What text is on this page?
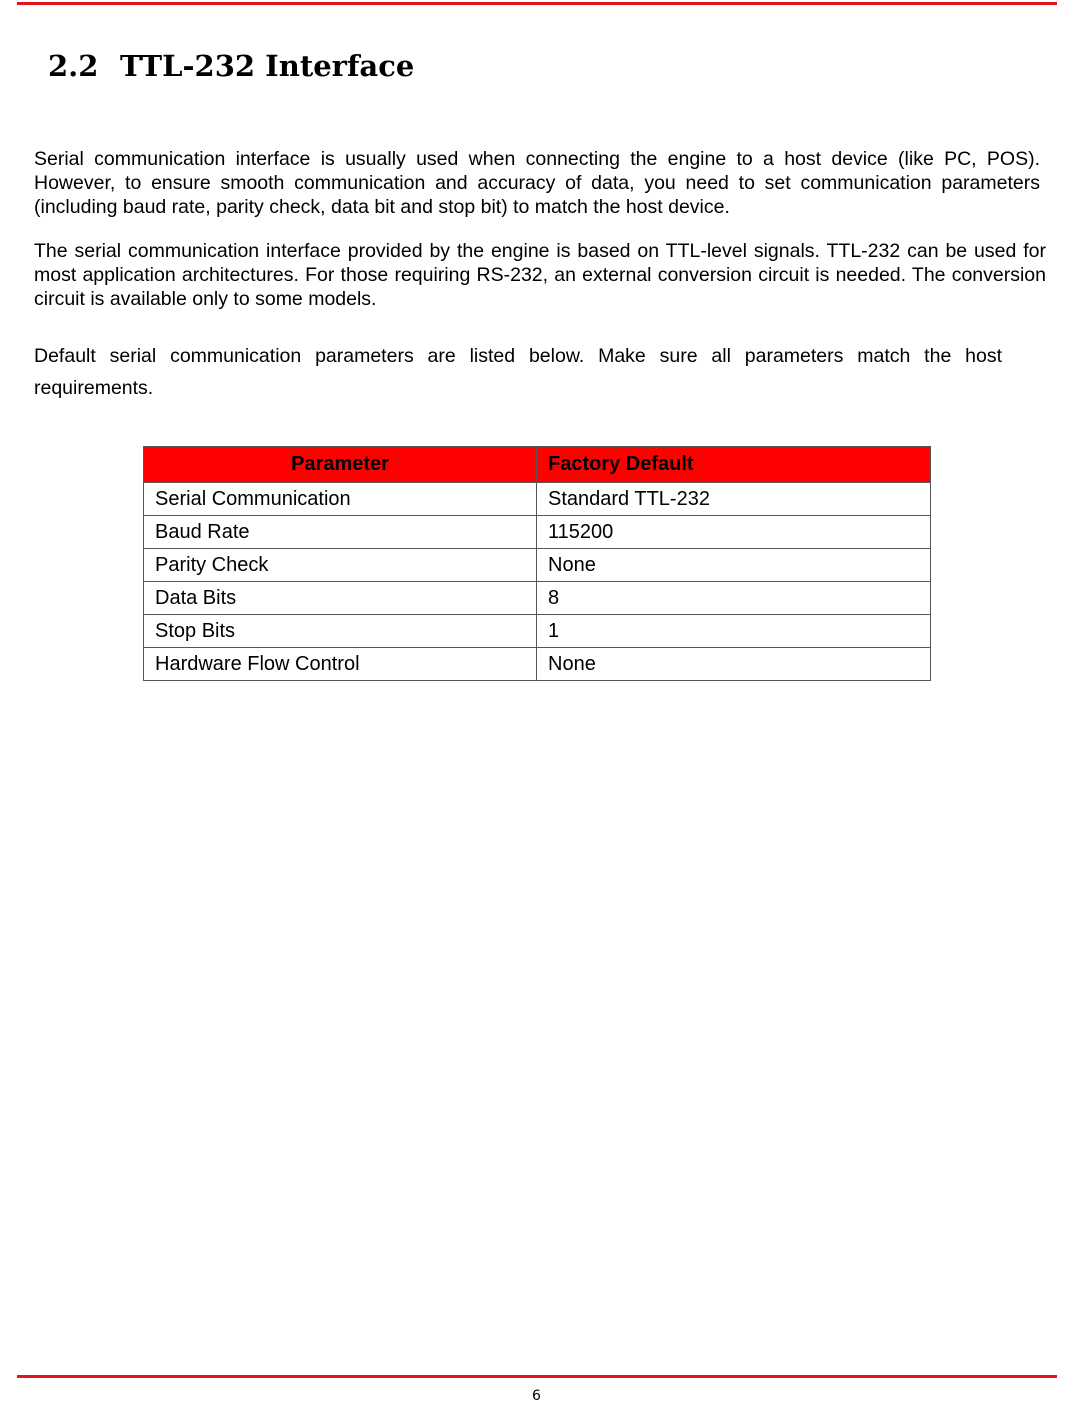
2.2 TTL-232 Interface

Serial communication interface is usually used when connecting the engine to a host device (like PC, POS). However, to ensure smooth communication and accuracy of data, you need to set communication parameters (including baud rate, parity check, data bit and stop bit) to match the host device.

The serial communication interface provided by the engine is based on TTL-level signals. TTL-232 can be used for most application architectures. For those requiring RS-232, an external conversion circuit is needed. The conversion circuit is available only to some models.

Default serial communication parameters are listed below. Make sure all parameters match the host requirements.

Parameter	Factory Default
Serial Communication	Standard TTL-232
Baud Rate	115200
Parity Check	None
Data Bits	8
Stop Bits	1
Hardware Flow Control	None
6
